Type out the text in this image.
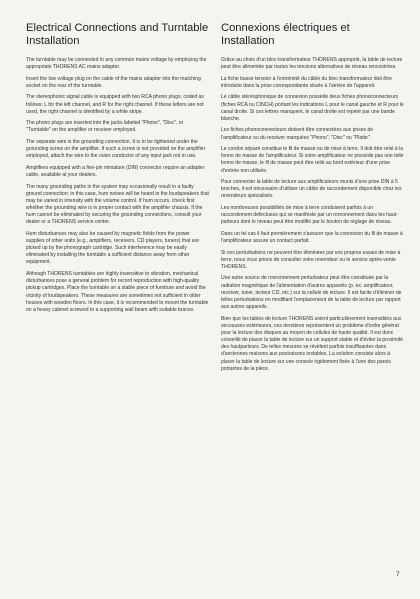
Electrical Connections and Turntable Installation

The turntable may be connected to any common mains voltage by employing the appropriate THORENS AC mains adapter.

Insert the low voltage plug on the cable of the mains adapter into the matching socket on the rear of the turntable.

The stereophonic signal cable is equipped with two RCA phono plugs, coded as follows: L for the left channel, and R for the right channel. If these letters are not used, the right channel is identified by a white stripe.

The phono plugs are inserted into the jacks labeled "Phono", "Disc", or "Turntable" on the amplifier or receiver employed.

The separate wire is the grounding connection. It is to be tightened under the grounding screw on the amplifier. If such a screw is not provided on the amplifier employed, attach the wire to the outer conductor of any input jack not in use.

Amplifiers equipped with a five-pin miniature (DIN) connector require an adapter cable, available at your dealers.

The many grounding paths in the system may occasionally result in a faulty ground connection; in this case, hum noises will be heard in the loudspeakers that may be varied in intensity with the volume control. If hum occurs, check first whether the grounding wire is in proper contact with the amplifier chassis. If the hum cannot be eliminated by securing the grounding connections, consult your dealer or a THORENS service center.

Hum disturbances may also be caused by magnetic fields from the power supplies of other units (e.g., amplifiers, receivers, CD players, tuners) that are picked up by the phonograph cartridge. Such interference may be easily eliminated by installing the turntable a sufficient distance away from other equipment.

Although THORENS turntables are highly insensitive to vibration, mechanical disturbances pose a general problem for record reproduction with high-quality pickup cartridges. Place the turntable on a stable piece of furniture and avoid the vicinity of loudspeakers. These measures are sometimes not sufficient in older houses with wooden floors. In this case, it is recommended to mount the turntable on a heavy cabinet screwed to a supporting wall beam with suitable braces.

Connexions électriques et Installation

Grâce au choix d'un bloc-transformateur THORENS approprié, la table de lecture peut être alimentée par toutes les tensions alternatives de réseau rencontrées.

La fiche basse tension à l'extrémité du câble du bloc-transformateur doit être introduite dans la prise correspondante située à l'arrière de l'appareil.

Le câble stéréophonique de connexion possède deux fiches phonoconnecteurs (fiches RCA ou CINCH) portant les indications L pour le canal gauche et R pour le canal droite. Si ces lettres manquent, le canal droite est repéré par une bande blanche.

Les fiches phonoconnecteurs doivent être connectées aux prises de l'amplificateur ou du receiver marquées "Phono", "Disc" ou "Platte".

Le cordon séparé constitue le fil de masse ou de mise à terre. Il doit être relié à la borne de masse de l'amplificateur. Si votre amplificateur ne possède pas une telle borne de masse, le fil de masse peut être relié au bord extérieur d'une prise d'entrée non utilisée.

Pour connecter la table de lecture aux amplificateurs munis d'une prise DIN à 5 broches, il est nécessaire d'utiliser un câble de raccordement disponible chez les revendeurs spécialisés.

Les nombreuses possibilités de mise à terre conduisent parfois à un raccordement défectueux qui se manifeste par un ronronnement dans les haut-parleurs dont le niveau peut être modifié par le bouton de réglage de niveau.

Dans un tel cas il faut premièrement s'assurer que la connexion du fil de masse à l'amplificateur assure un contact parfait.

Si ces perturbations ne peuvent être éliminées par vos propres essais de mise à terre, nous vous prions de consulter votre revendeur ou le service après-vente THORENS.

Une autre source de ronronnement perturbateur peut être constituée par la radiation magnétique de l'alimentation d'autres appareils (p. ex. amplificateur, receiver, tuner, lecteur CD, etc.) sur la cellule de lecture. Il est facile d'éliminer de telles perturbations en modifiant l'emplacement de la table de lecture par rapport aux autres appareils.

Bien que les tables de lecture THORENS soient particulièrement insensibles aux secousses extérieures, ces dernières représentent un problème d'ordre général pour la lecture des disques au moyen de cellules de haute qualité. Il est donc conseillé de placer la table de lecture sur un support stable et d'éviter la proximité des hautparleurs. De telles mesures se révèlent parfois insuffisantes dans d'anciennes maisons aux poutraisons instables. La solution consiste alors à placer la table de lecture sur une console rigidement fixée à l'une des parois portantes de la pièce.

7
